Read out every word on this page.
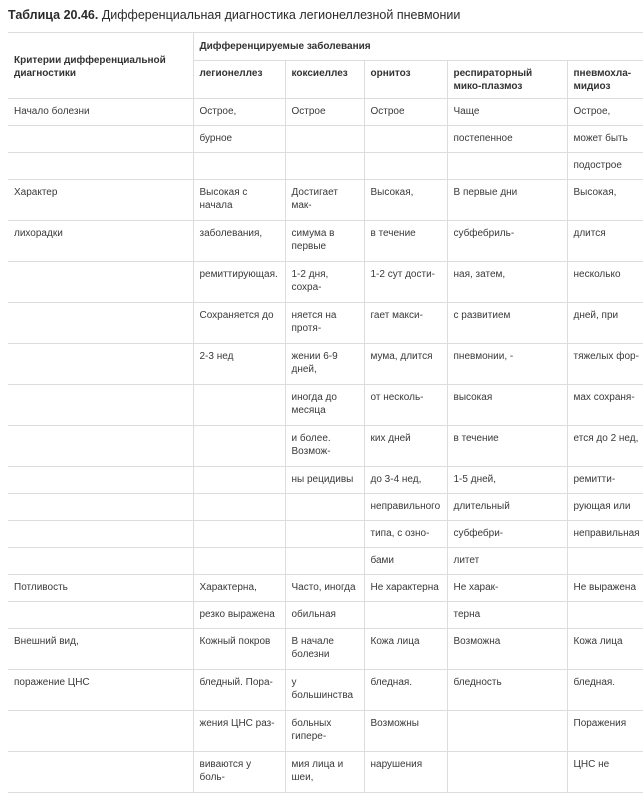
Таблица 20.46. Дифференциальная диагностика легионеллезной пневмонии
Критерии дифференциальной диагностики	Дифференцируемые заболевания				
	легионеллез	коксиеллез	орнитоз	респираторный мико-плазмоз	пневмохла-мидиоз
Начало болезни	Острое,	Острое	Острое	Чаще	Острое,
	бурное			постепенное	может быть
					подострое
Характер	Высокая с начала	Достигает мак-	Высокая,	В первые дни	Высокая,
лихорадки	заболевания,	симума в первые	в течение	субфебриль-	длится
	ремиттирующая.	1-2 дня, сохра-	1-2 сут дости-	ная, затем,	несколько
	Сохраняется до	няется на протя-	гает макси-	с развитием	дней, при
	2-3 нед	жении 6-9 дней,	мума, длится	пневмонии, -	тяжелых фор-
		иногда до месяца	от несколь-	высокая	мах сохраня-
		и более. Возмож-	ких дней	в течение	ется до 2 нед,
		ны рецидивы	до 3-4 нед,	1-5 дней,	ремитти-
			неправильного	длительный	рующая или
			типа, с озно-	субфебри-	неправильная
			бами	литет	
Потливость	Характерна,	Часто, иногда	Не характерна	Не харак-	Не выражена
	резко выражена	обильная		терна	
Внешний вид,	Кожный покров	В начале болезни	Кожа лица	Возможна	Кожа лица
поражение ЦНС	бледный. Пора-	у большинства	бледная.	бледность	бледная.
	жения ЦНС раз-	больных гипере-	Возможны		Поражения
	виваются у боль-	мия лица и шеи,	нарушения		ЦНС не
